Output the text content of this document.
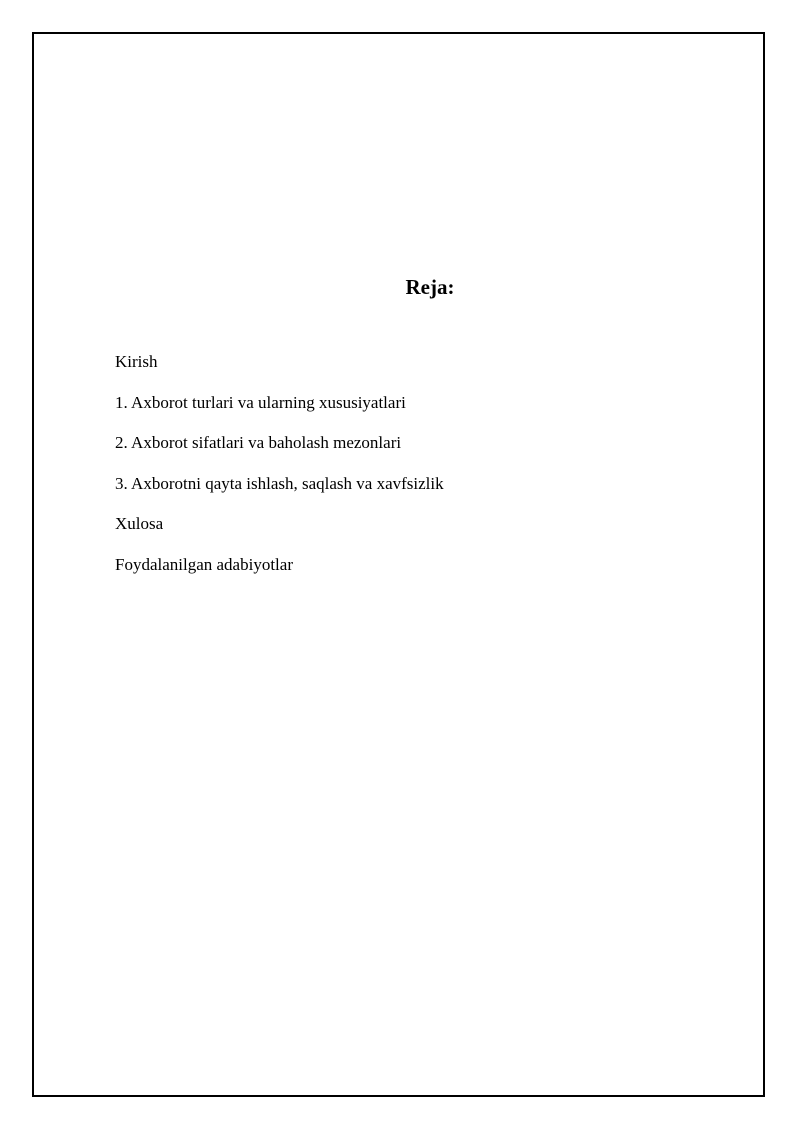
Reja:
Kirish
1. Axborot turlari va ularning xususiyatlari
2. Axborot sifatlari va baholash mezonlari
3. Axborotni qayta ishlash, saqlash va xavfsizlik
Xulosa
Foydalanilgan adabiyotlar
